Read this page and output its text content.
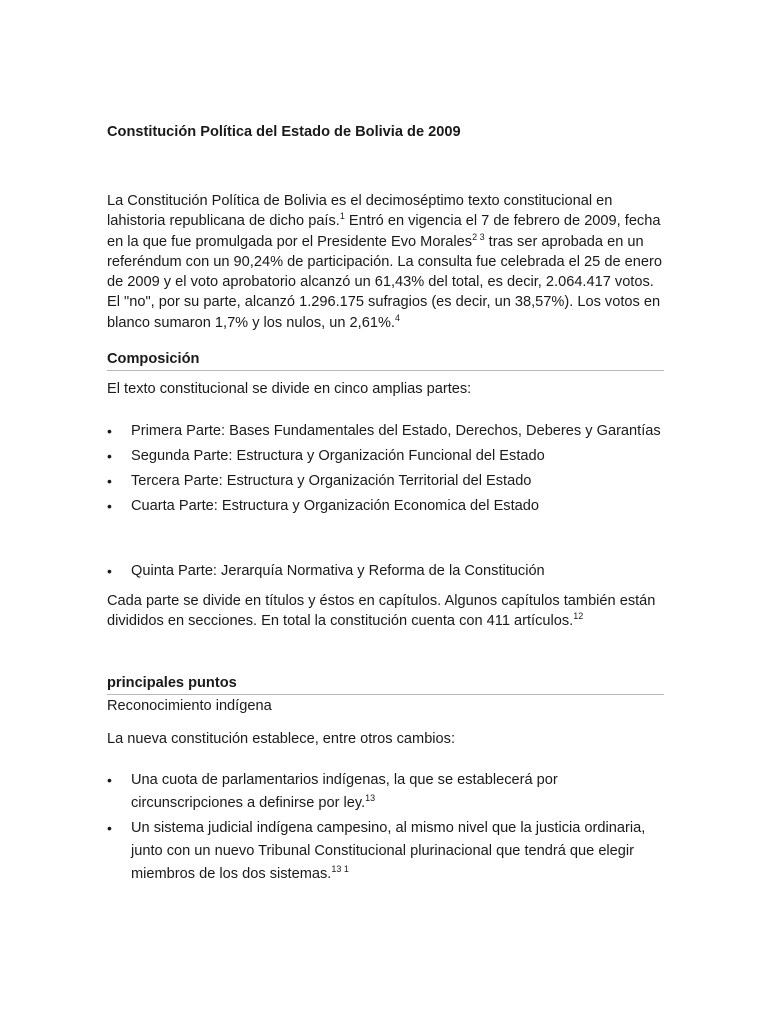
Constitución Política del Estado de Bolivia de 2009

La Constitución Política de Bolivia es el decimoséptimo texto constitucional en lahistoria republicana de dicho país.$^1$ Entró en vigencia el 7 de febrero de 2009, fecha en la que fue promulgada por el Presidente Evo Morales$^{2 3}$ tras ser aprobada en un referéndum con un 90,24% de participación. La consulta fue celebrada el 25 de enero de 2009 y el voto aprobatorio alcanzó un 61,43% del total, es decir, 2.064.417 votos. El "no", por su parte, alcanzó 1.296.175 sufragios (es decir, un 38,57%). Los votos en blanco sumaron 1,7% y los nulos, un 2,61%.$^4$

Composición

El texto constitucional se divide en cinco amplias partes:

• Primera Parte: Bases Fundamentales del Estado, Derechos, Deberes y Garantías
• Segunda Parte: Estructura y Organización Funcional del Estado
• Tercera Parte: Estructura y Organización Territorial del Estado
• Cuarta Parte: Estructura y Organización Economica del Estado
• Quinta Parte: Jerarquía Normativa y Reforma de la Constitución

Cada parte se divide en títulos y éstos en capítulos. Algunos capítulos también están divididos en secciones. En total la constitución cuenta con 411 artículos.$^{12}$

principales puntos

Reconocimiento indígena

La nueva constitución establece, entre otros cambios:

• Una cuota de parlamentarios indígenas, la que se establecerá por circunscripciones a definirse por ley.$^{13}$
• Un sistema judicial indígena campesino, al mismo nivel que la justicia ordinaria, junto con un nuevo Tribunal Constitucional plurinacional que tendrá que elegir miembros de los dos sistemas.$^{13 1}$
